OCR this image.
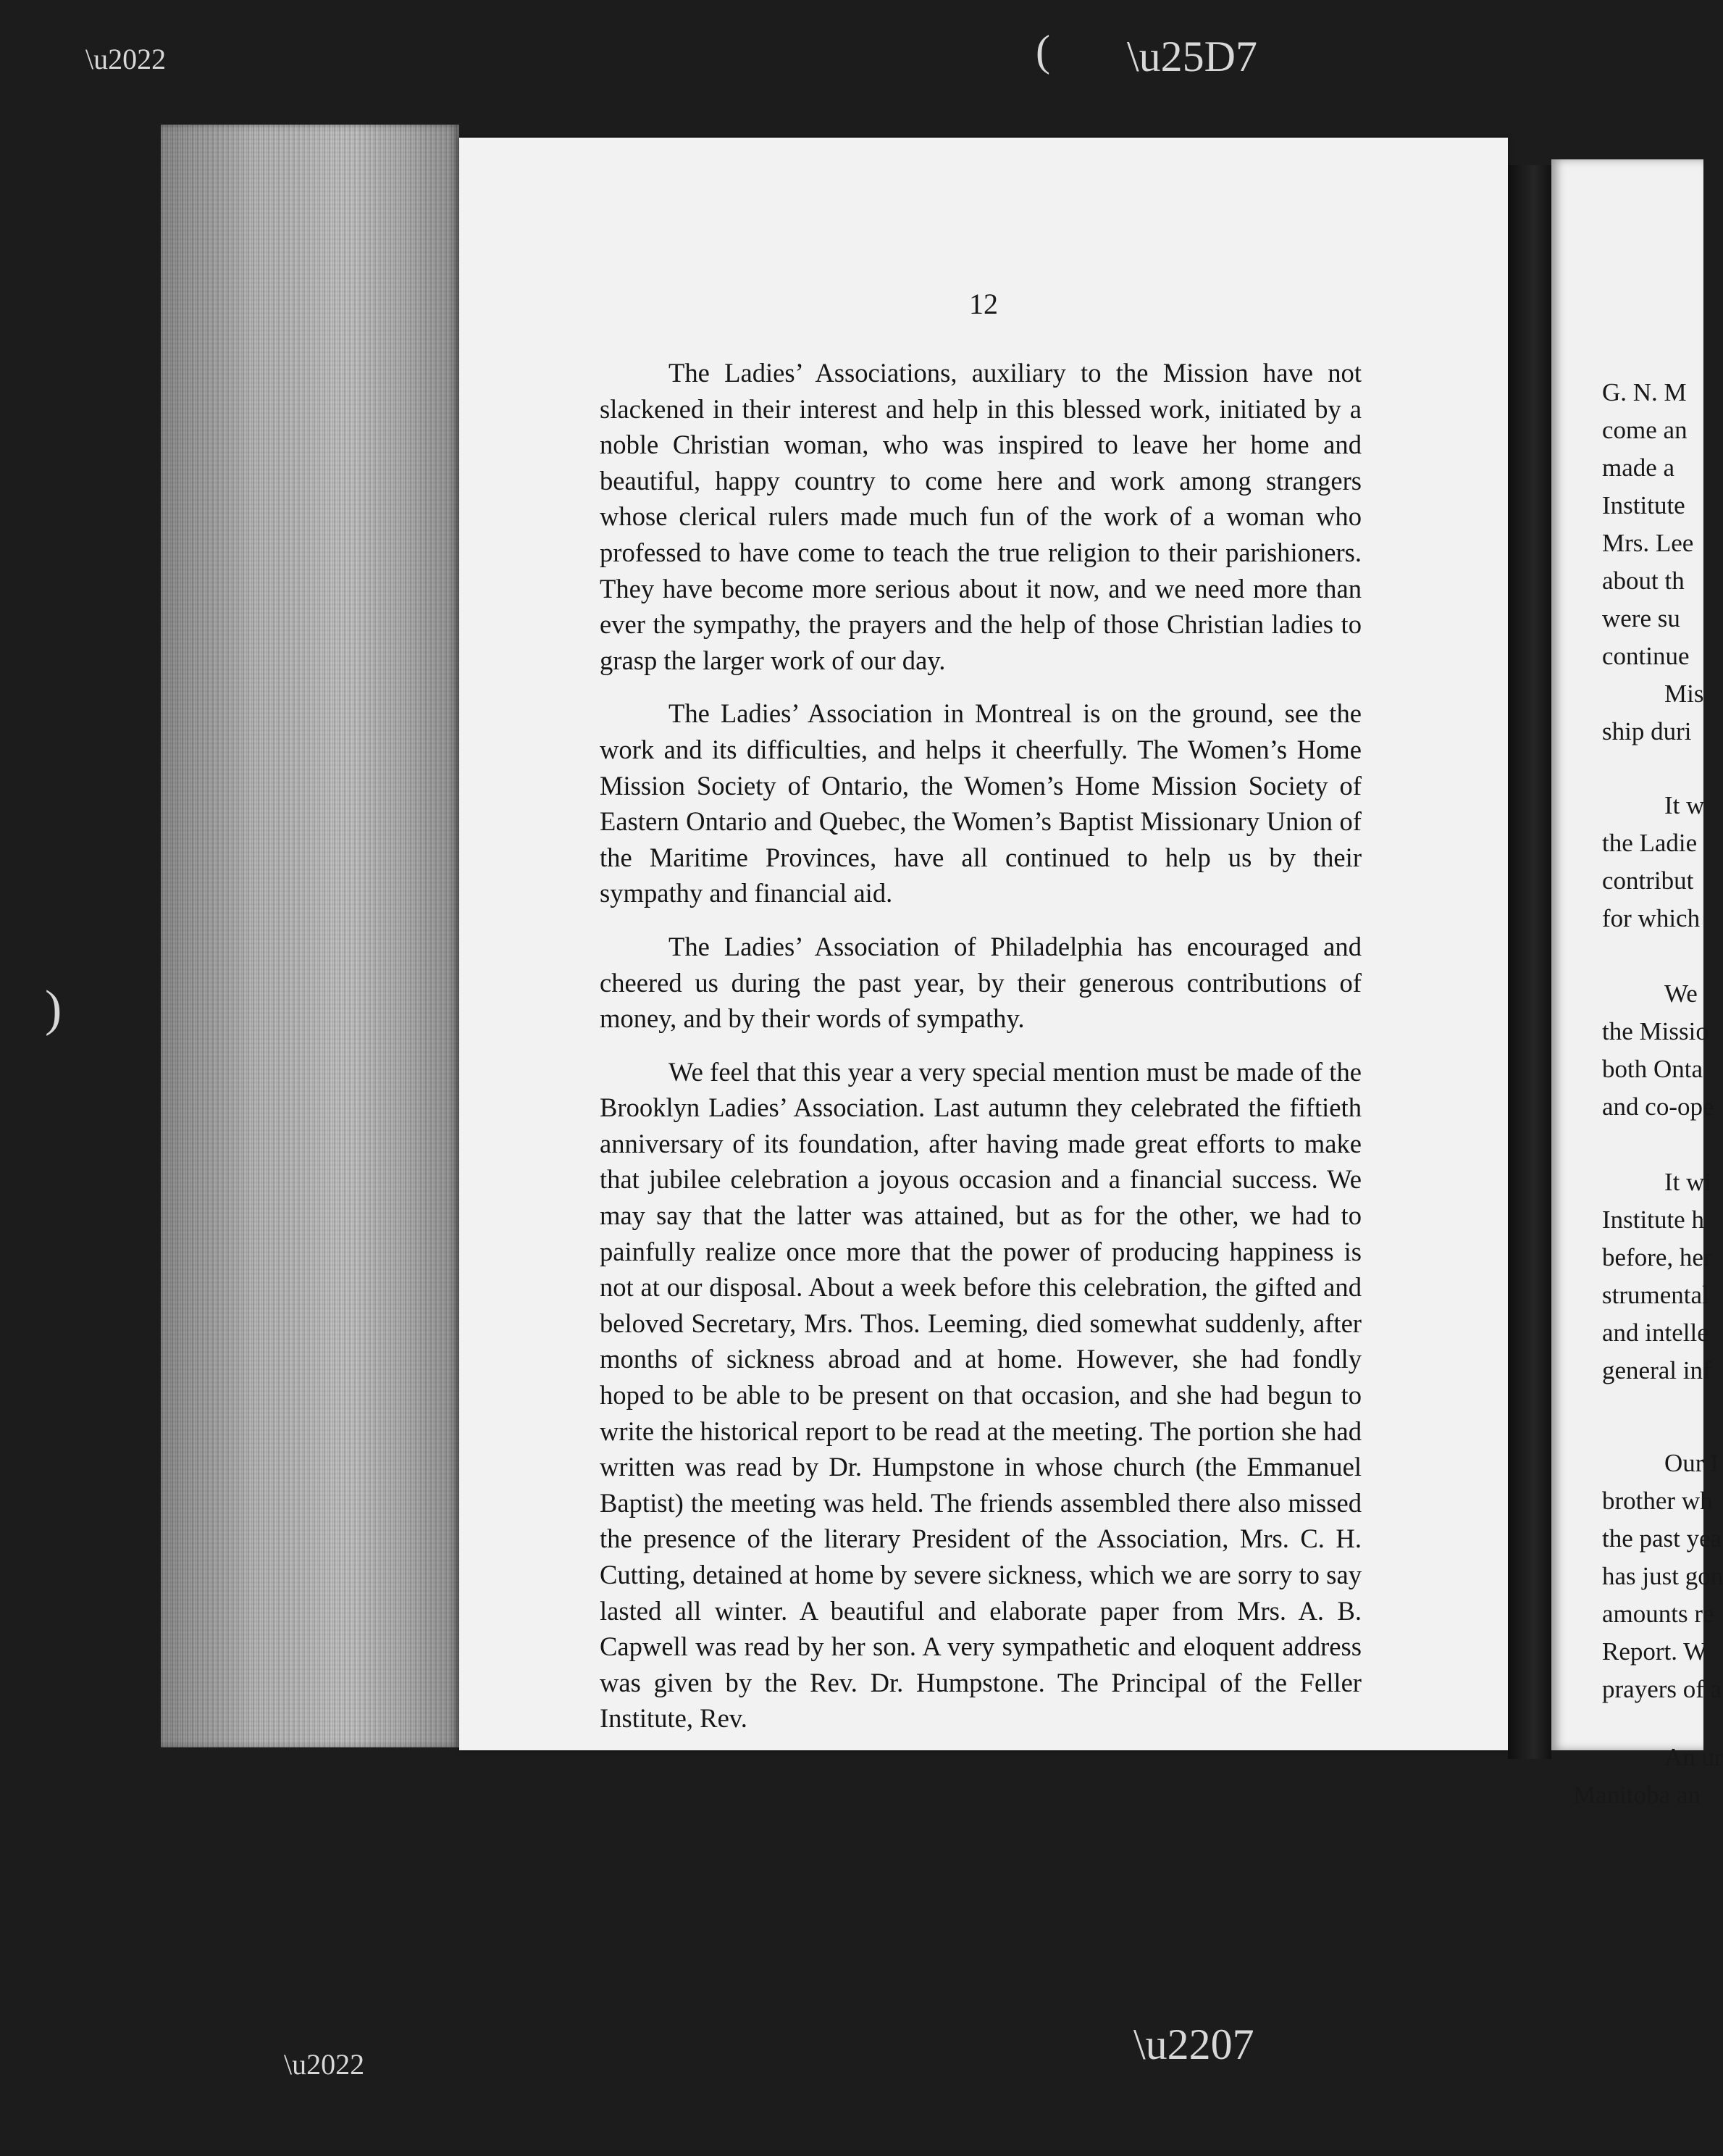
\u2022	( \u25D7
)
\u2207
\u2022
12

The Ladies’ Associations, auxiliary to the Mission have not slackened in their interest and help in this blessed work, initiated by a noble Christian woman, who was inspired to leave her home and beautiful, happy country to come here and work among strangers whose clerical rulers made much fun of the work of a woman who professed to have come to teach the true religion to their parishioners. They have become more serious about it now, and we need more than ever the sympathy, the prayers and the help of those Christian ladies to grasp the larger work of our day.

The Ladies’ Association in Montreal is on the ground, see the work and its difficulties, and helps it cheerfully. The Women’s Home Mission Society of Ontario, the Women’s Home Mission Society of Eastern Ontario and Quebec, the Women’s Baptist Missionary Union of the Maritime Provinces, have all continued to help us by their sympathy and financial aid.

The Ladies’ Association of Philadelphia has encouraged and cheered us during the past year, by their generous contributions of money, and by their words of sympathy.

We feel that this year a very special mention must be made of the Brooklyn Ladies’ Association. Last autumn they celebrated the fiftieth anniversary of its foundation, after having made great efforts to make that jubilee celebration a joyous occasion and a financial success. We may say that the latter was attained, but as for the other, we had to painfully realize once more that the power of producing happiness is not at our disposal. About a week before this celebration, the gifted and beloved Secretary, Mrs. Thos. Leeming, died somewhat suddenly, after months of sickness abroad and at home. However, she had fondly hoped to be able to be present on that occasion, and she had begun to write the historical report to be read at the meeting. The portion she had written was read by Dr. Humpstone in whose church (the Emmanuel Baptist) the meeting was held. The friends assembled there also missed the presence of the literary President of the Association, Mrs. C. H. Cutting, detained at home by severe sickness, which we are sorry to say lasted all winter. A beautiful and elaborate paper from Mrs. A. B. Capwell was read by her son. A very sympathetic and eloquent address was given by the Rev. Dr. Humpstone. The Principal of the Feller Institute, Rev.

G. N. M
come an
made a
Institute
Mrs. Lee
about th
were su
continue
Mis
ship duri
It w
the Ladie
contribut
for which
We
the Missio
both Onta
and co-ope
It wi
Institute h
before, her
strumental
and intelle
general inf
Our I
brother wh
the past yea
has just gon
amounts re
Report. W
prayers of a
An ur
Manitoba an
